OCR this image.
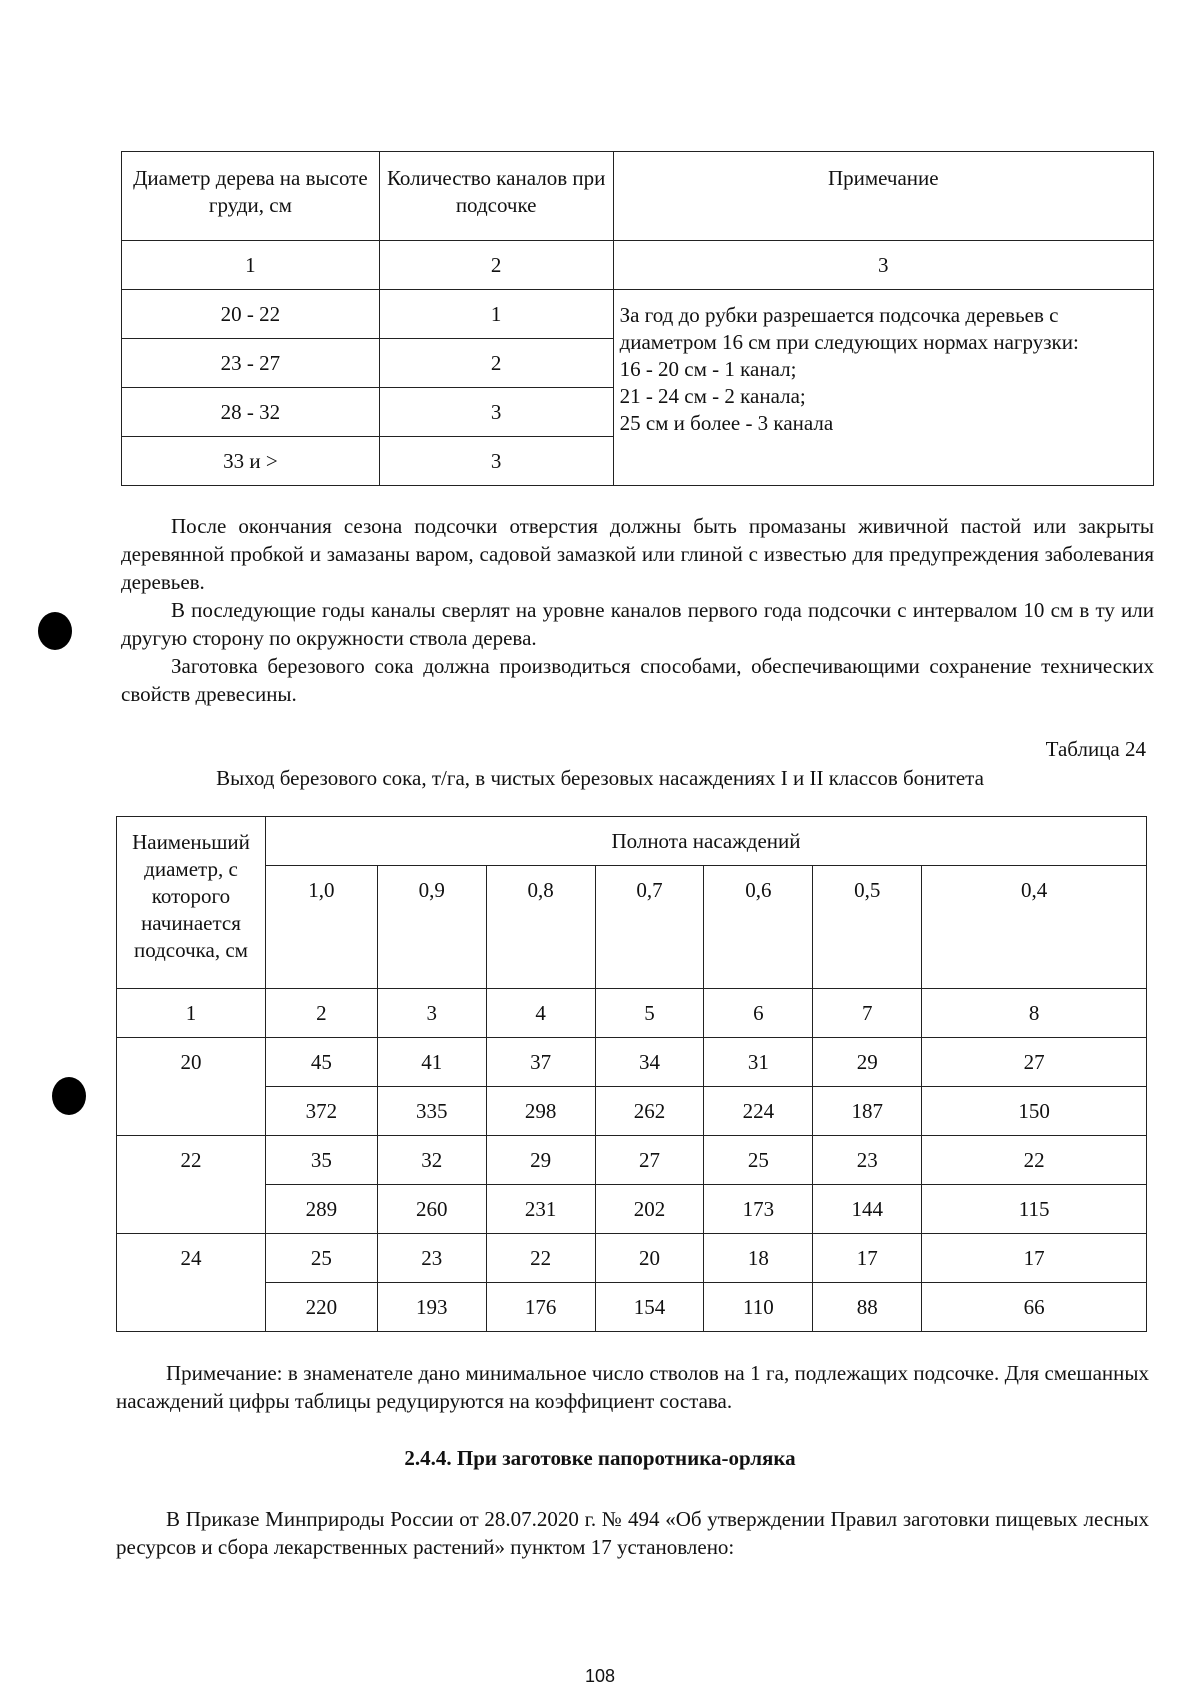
Диаметр дерева на высоте груди, см	Количество каналов при подсочке	Примечание
1	2	3
20 - 22	1	За год до рубки разрешается подсочка деревьев с диаметром 16 см при следующих нормах нагрузки:
16 - 20 см - 1 канал;
21 - 24 см - 2 канала;
25 см и более - 3 канала

23 - 27	2	
28 - 32	3	
33 и >	3	

После окончания сезона подсочки отверстия должны быть промазаны живичной пастой или закрыты деревянной пробкой и замазаны варом, садовой замазкой или глиной с известью для предупреждения заболевания деревьев.

В последующие годы каналы сверлят на уровне каналов первого года подсочки с интервалом 10 см в ту или другую сторону по окружности ствола дерева.

Заготовка березового сока должна производиться способами, обеспечивающими сохранение технических свойств древесины.

Таблица 24
Выход березового сока, т/га, в чистых березовых насаждениях I и II классов бонитета
Наименьший диаметр, с которого начинается подсочка, см	Полнота насаждений						
	1,0	0,9	0,8	0,7	0,6	0,5	0,4
1	2	3	4	5	6	7	8
20	45	41	37	34	31	29	27
	372	335	298	262	224	187	150
22	35	32	29	27	25	23	22
	289	260	231	202	173	144	115
24	25	23	22	20	18	17	17
	220	193	176	154	110	88	66

Примечание: в знаменателе дано минимальное число стволов на 1 га, подлежащих подсочке. Для смешанных насаждений цифры таблицы редуцируются на коэффициент состава.

2.4.4. При заготовке папоротника-орляка

В Приказе Минприроды России от 28.07.2020 г. № 494 «Об утверждении Правил заготовки пищевых лесных ресурсов и сбора лекарственных растений» пунктом 17 установлено:

108
